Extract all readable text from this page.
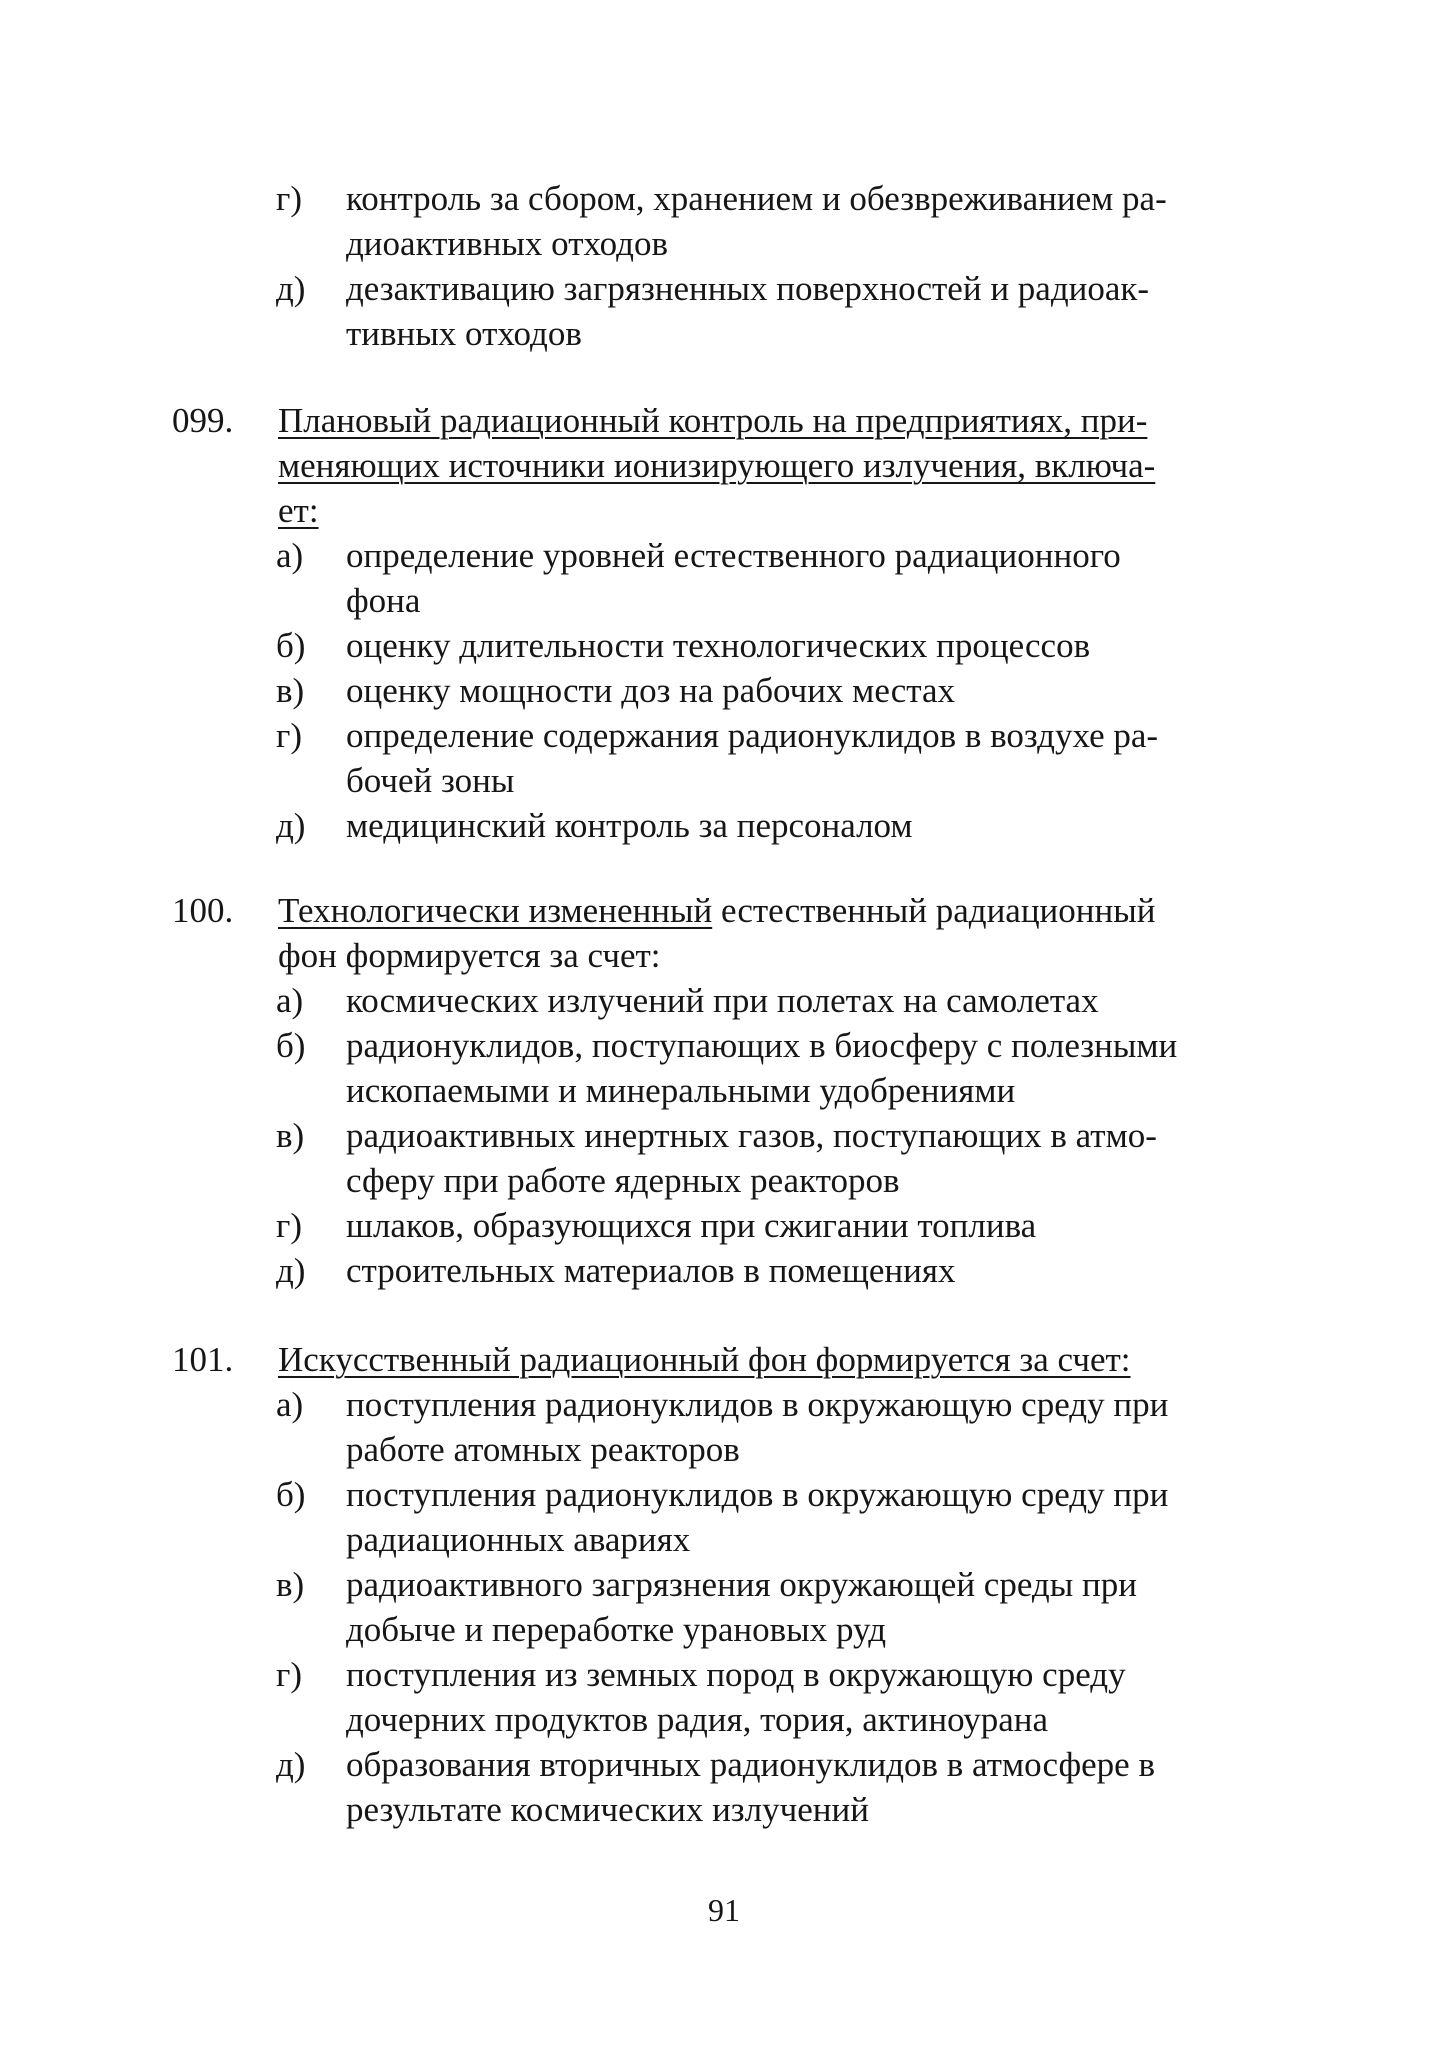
г) контроль за сбором, хранением и обезвреживанием ра-
диоактивных отходов
д) дезактивацию загрязненных поверхностей и радиоак-
тивных отходов
099. Плановый радиационный контроль на предприятиях, при-
меняющих источники ионизирующего излучения, включа-
ет:
а) определение уровней естественного радиационного
фона
б) оценку длительности технологических процессов
в) оценку мощности доз на рабочих местах
г) определение содержания радионуклидов в воздухе ра-
бочей зоны
д) медицинский контроль за персоналом
100. Технологически измененный естественный радиационный
фон формируется за счет:
а) космических излучений при полетах на самолетах
б) радионуклидов, поступающих в биосферу с полезными
ископаемыми и минеральными удобрениями
в) радиоактивных инертных газов, поступающих в атмо-
сферу при работе ядерных реакторов
г) шлаков, образующихся при сжигании топлива
д) строительных материалов в помещениях
101. Искусственный радиационный фон формируется за счет:
а) поступления радионуклидов в окружающую среду при
работе атомных реакторов
б) поступления радионуклидов в окружающую среду при
радиационных авариях
в) радиоактивного загрязнения окружающей среды при
добыче и переработке урановых руд
г) поступления из земных пород в окружающую среду
дочерних продуктов радия, тория, актиноурана
д) образования вторичных радионуклидов в атмосфере в
результате космических излучений
91
